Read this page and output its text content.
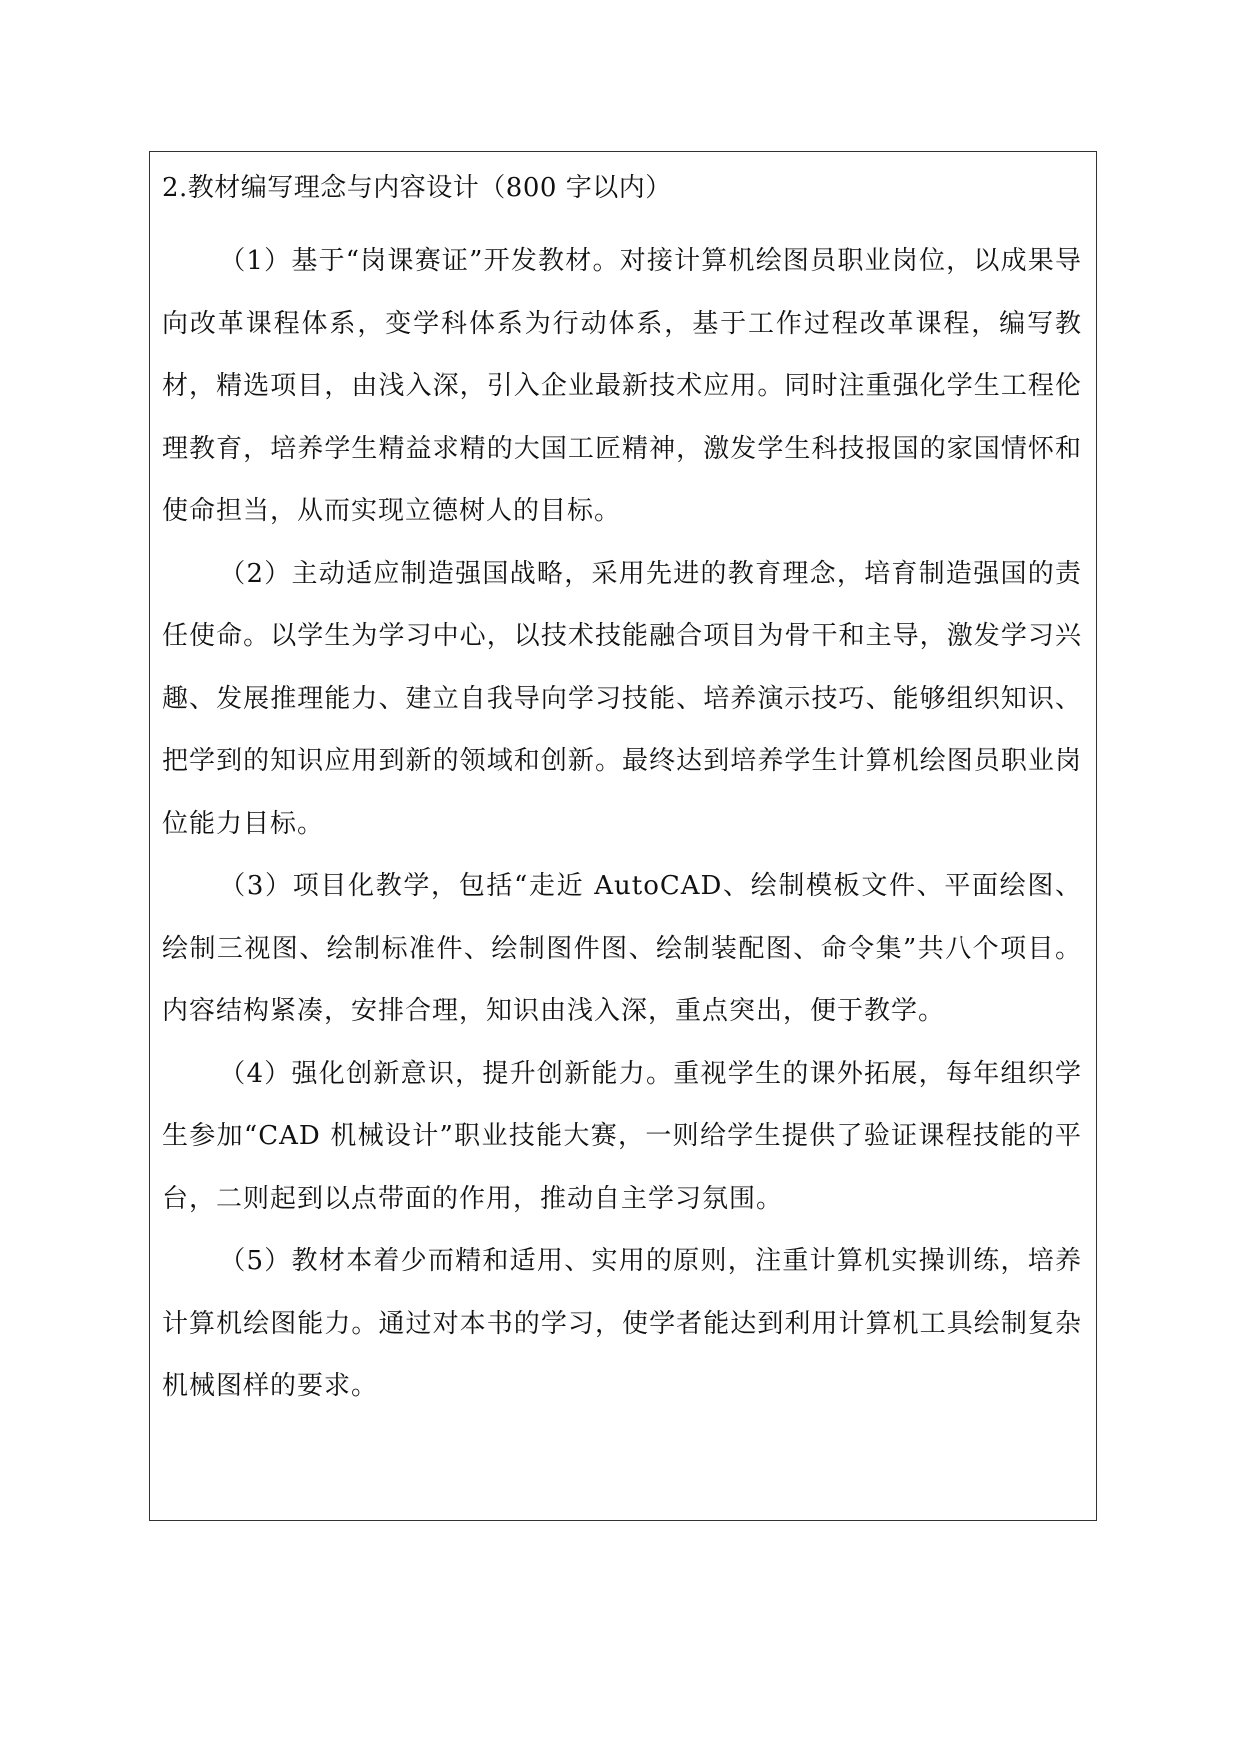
2.教材编写理念与内容设计（800 字以内）

（1）基于“岗课赛证”开发教材。对接计算机绘图员职业岗位，以成果导向改革课程体系，变学科体系为行动体系，基于工作过程改革课程，编写教材，精选项目，由浅入深，引入企业最新技术应用。同时注重强化学生工程伦理教育，培养学生精益求精的大国工匠精神，激发学生科技报国的家国情怀和使命担当，从而实现立德树人的目标。

（2）主动适应制造强国战略，采用先进的教育理念，培育制造强国的责任使命。以学生为学习中心，以技术技能融合项目为骨干和主导，激发学习兴趣、发展推理能力、建立自我导向学习技能、培养演示技巧、能够组织知识、把学到的知识应用到新的领域和创新。最终达到培养学生计算机绘图员职业岗位能力目标。

（3）项目化教学，包括“走近 AutoCAD、绘制模板文件、平面绘图、绘制三视图、绘制标准件、绘制图件图、绘制装配图、命令集”共八个项目。内容结构紧凑，安排合理，知识由浅入深，重点突出，便于教学。

（4）强化创新意识，提升创新能力。重视学生的课外拓展，每年组织学生参加“CAD 机械设计”职业技能大赛，一则给学生提供了验证课程技能的平台，二则起到以点带面的作用，推动自主学习氛围。

（5）教材本着少而精和适用、实用的原则，注重计算机实操训练，培养计算机绘图能力。通过对本书的学习，使学者能达到利用计算机工具绘制复杂机械图样的要求。
